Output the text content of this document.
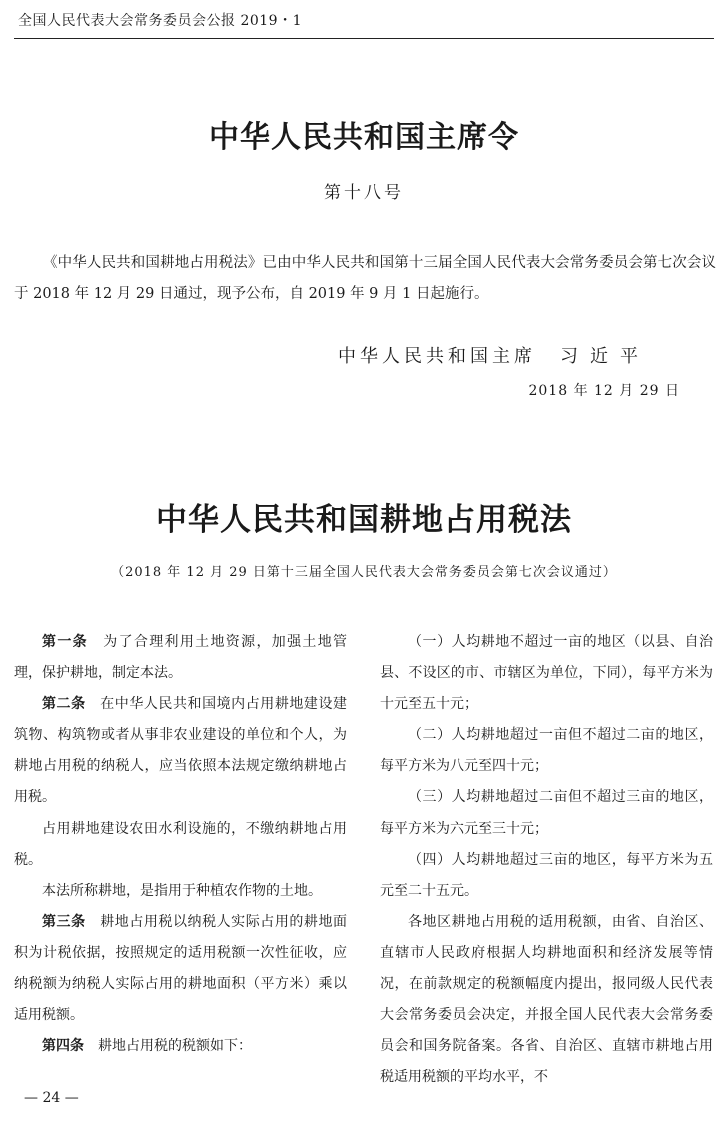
全国人民代表大会常务委员会公报 2019・1
中华人民共和国主席令
第十八号
《中华人民共和国耕地占用税法》已由中华人民共和国第十三届全国人民代表大会常务委员会第七次会议于 2018 年 12 月 29 日通过，现予公布，自 2019 年 9 月 1 日起施行。
中华人民共和国主席 习近平
2018 年 12 月 29 日
中华人民共和国耕地占用税法
（2018 年 12 月 29 日第十三届全国人民代表大会常务委员会第七次会议通过）

第一条　 为了合理利用土地资源，加强土地管理，保护耕地，制定本法。

第二条　 在中华人民共和国境内占用耕地建设建筑物、构筑物或者从事非农业建设的单位和个人，为耕地占用税的纳税人，应当依照本法规定缴纳耕地占用税。

占用耕地建设农田水利设施的，不缴纳耕地占用税。

本法所称耕地，是指用于种植农作物的土地。

第三条　 耕地占用税以纳税人实际占用的耕地面积为计税依据，按照规定的适用税额一次性征收，应纳税额为纳税人实际占用的耕地面积（平方米）乘以适用税额。

第四条　 耕地占用税的税额如下：

（一）人均耕地不超过一亩的地区（以县、自治县、不设区的市、市辖区为单位，下同），每平方米为十元至五十元；

（二）人均耕地超过一亩但不超过二亩的地区，每平方米为八元至四十元；

（三）人均耕地超过二亩但不超过三亩的地区，每平方米为六元至三十元；

（四）人均耕地超过三亩的地区，每平方米为五元至二十五元。

各地区耕地占用税的适用税额，由省、自治区、直辖市人民政府根据人均耕地面积和经济发展等情况，在前款规定的税额幅度内提出，报同级人民代表大会常务委员会决定，并报全国人民代表大会常务委员会和国务院备案。各省、自治区、直辖市耕地占用税适用税额的平均水平，不

— 24 —
